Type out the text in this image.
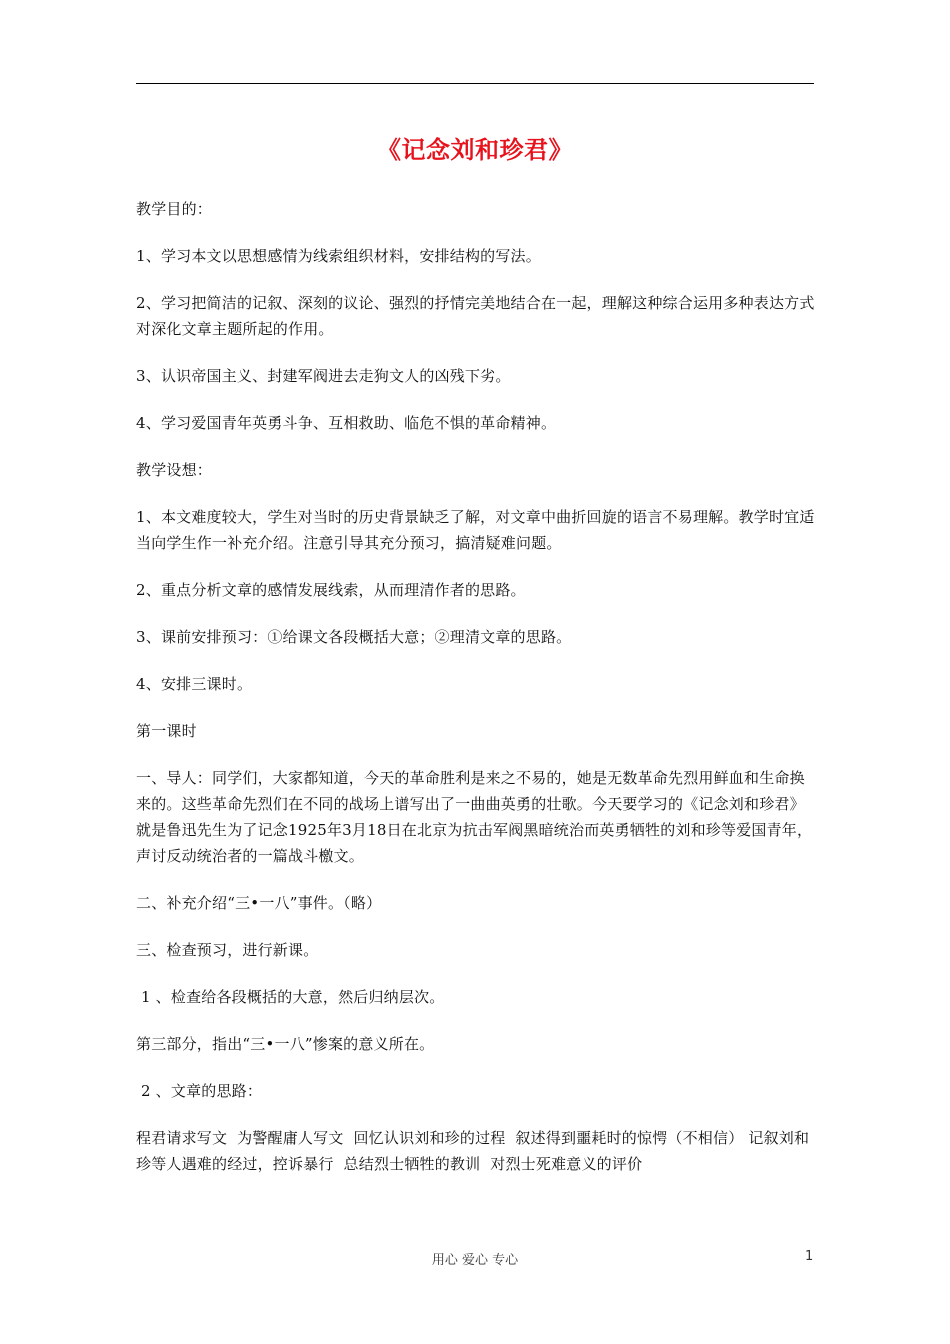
《记念刘和珍君》

教学目的：

1、学习本文以思想感情为线索组织材料，安排结构的写法。

2、学习把简洁的记叙、深刻的议论、强烈的抒情完美地结合在一起，理解这种综合运用多种表达方式对深化文章主题所起的作用。

3、认识帝国主义、封建军阀进去走狗文人的凶残下劣。

4、学习爱国青年英勇斗争、互相救助、临危不惧的革命精神。

教学设想：

1、本文难度较大，学生对当时的历史背景缺乏了解，对文章中曲折回旋的语言不易理解。教学时宜适当向学生作一补充介绍。注意引导其充分预习，搞清疑难问题。

2、重点分析文章的感情发展线索，从而理清作者的思路。

3、课前安排预习：①给课文各段概括大意；②理清文章的思路。

4、安排三课时。

第一课时

一、导人：同学们，大家都知道，今天的革命胜利是来之不易的，她是无数革命先烈用鲜血和生命换来的。这些革命先烈们在不同的战场上谱写出了一曲曲英勇的壮歌。今天要学习的《记念刘和珍君》就是鲁迅先生为了记念1925年3月18日在北京为抗击军阀黑暗统治而英勇牺牲的刘和珍等爱国青年，声讨反动统治者的一篇战斗檄文。

二、补充介绍“三•一八”事件。（略）

三、检查预习，进行新课。

1 、检查给各段概括的大意，然后归纳层次。

第三部分，指出“三•一八”惨案的意义所在。

2 、文章的思路：

程君请求写文  为警醒庸人写文  回忆认识刘和珍的过程  叙述得到噩耗时的惊愕（不相信） 记叙刘和珍等人遇难的经过，控诉暴行  总结烈士牺牲的教训  对烈士死难意义的评价

用心 爱心 专心	1
